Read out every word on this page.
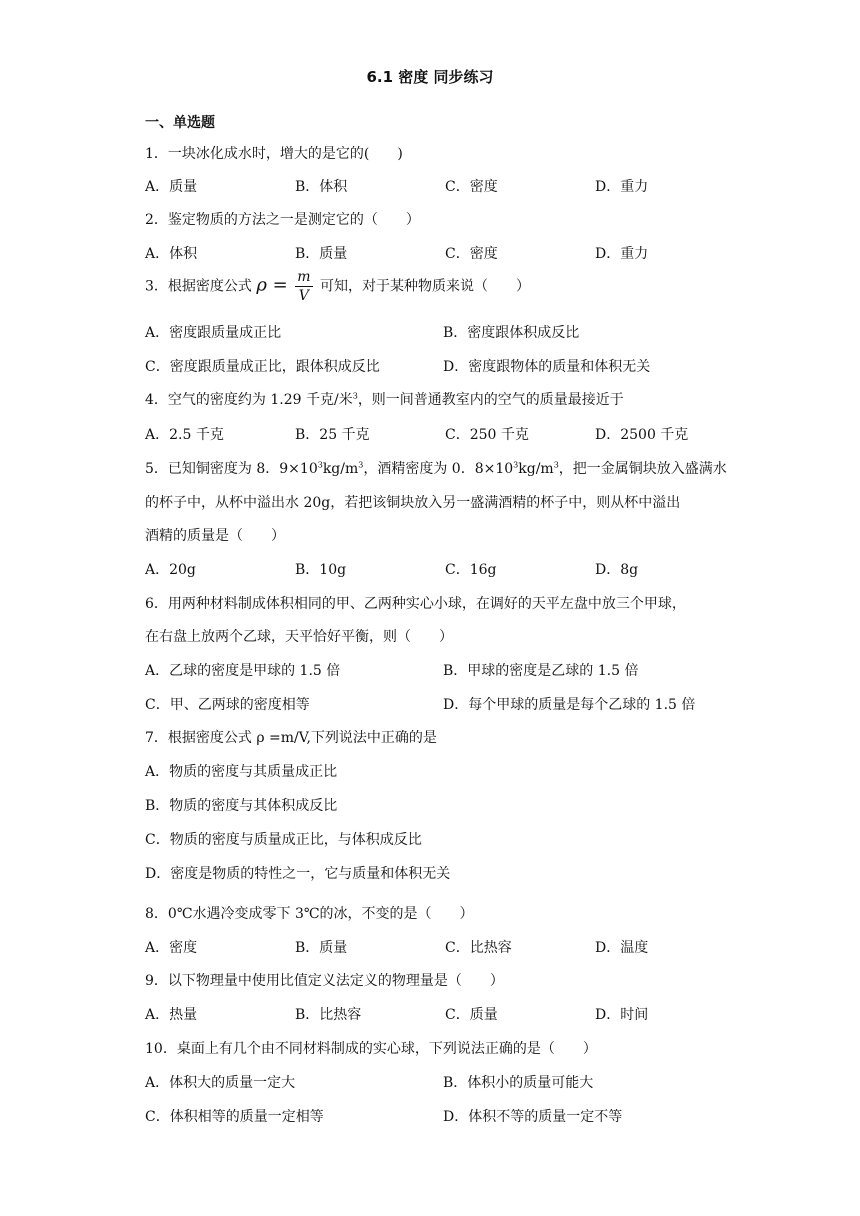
6.1 密度 同步练习
一、单选题
1．一块冰化成水时，增大的是它的(　　)
A．质量	B．体积	C．密度	D．重力
2．鉴定物质的方法之一是测定它的（　　）
A．体积	B．质量	C．密度	D．重力
3．根据密度公式 $\rho = \frac{m}{V}$ 可知，对于某种物质来说（　　）
A．密度跟质量成正比	B．密度跟体积成反比
C．密度跟质量成正比，跟体积成反比	D．密度跟物体的质量和体积无关
4．空气的密度约为 1.29 千克/米$^3$，则一间普通教室内的空气的质量最接近于
A．2.5 千克	B．25 千克	C．250 千克	D．2500 千克
5．已知铜密度为 8．$9\times 10^3kg/m^3$，酒精密度为 0．$8\times 10^3kg/m^3$，把一金属铜块放入盛满水
的杯子中，从杯中溢出水 20g，若把该铜块放入另一盛满酒精的杯子中，则从杯中溢出
酒精的质量是（　　）
A．20g	B．10g	C．16g	D．8g
6．用两种材料制成体积相同的甲、乙两种实心小球，在调好的天平左盘中放三个甲球，
在右盘上放两个乙球，天平恰好平衡，则（　　）
A．乙球的密度是甲球的 1.5 倍	B．甲球的密度是乙球的 1.5 倍
C．甲、乙两球的密度相等	D．每个甲球的质量是每个乙球的 1.5 倍
7．根据密度公式 ρ =m/V,下列说法中正确的是
A．物质的密度与其质量成正比
B．物质的密度与其体积成反比
C．物质的密度与质量成正比，与体积成反比
D．密度是物质的特性之一，它与质量和体积无关
8．0℃水遇冷变成零下 3℃的冰，不变的是（　　）
A．密度	B．质量	C．比热容	D．温度
9．以下物理量中使用比值定义法定义的物理量是（　　）
A．热量	B．比热容	C．质量	D．时间
10．桌面上有几个由不同材料制成的实心球，下列说法正确的是（　　）
A．体积大的质量一定大	B．体积小的质量可能大
C．体积相等的质量一定相等	D．体积不等的质量一定不等
